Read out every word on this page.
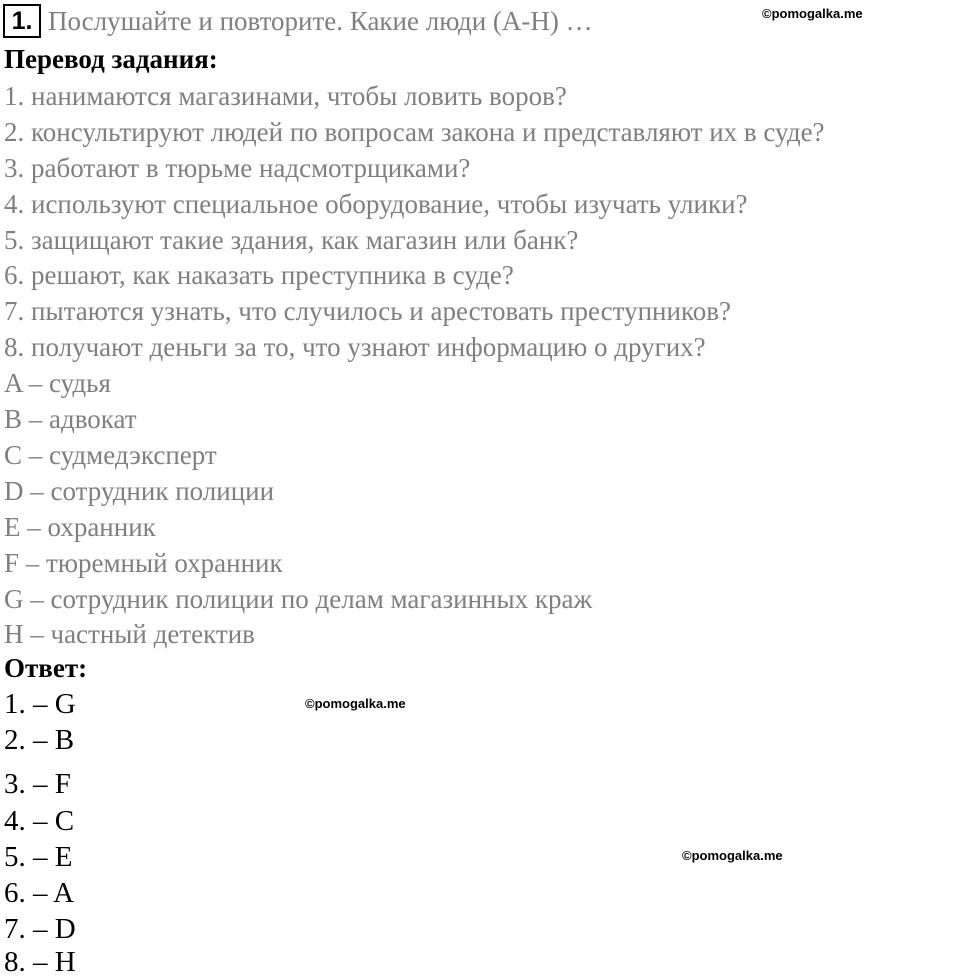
1. Послушайте и повторите. Какие люди (A-H) …	©pomogalka.me
Перевод задания:
1. нанимаются магазинами, чтобы ловить воров?
2. консультируют людей по вопросам закона и представляют их в суде?
3. работают в тюрьме надсмотрщиками?
4. используют специальное оборудование, чтобы изучать улики?
5. защищают такие здания, как магазин или банк?
6. решают, как наказать преступника в суде?
7. пытаются узнать, что случилось и арестовать преступников?
8. получают деньги за то, что узнают информацию о других?
A – судья
B – адвокат
C – судмедэксперт
D – сотрудник полиции
E – охранник
F – тюремный охранник
G – сотрудник полиции по делам магазинных краж
H – частный детектив
Ответ:
©pomogalka.me
©pomogalka.me
1. – G
2. – B
3. – F
4. – C
5. – E
6. – A
7. – D
8. – H
